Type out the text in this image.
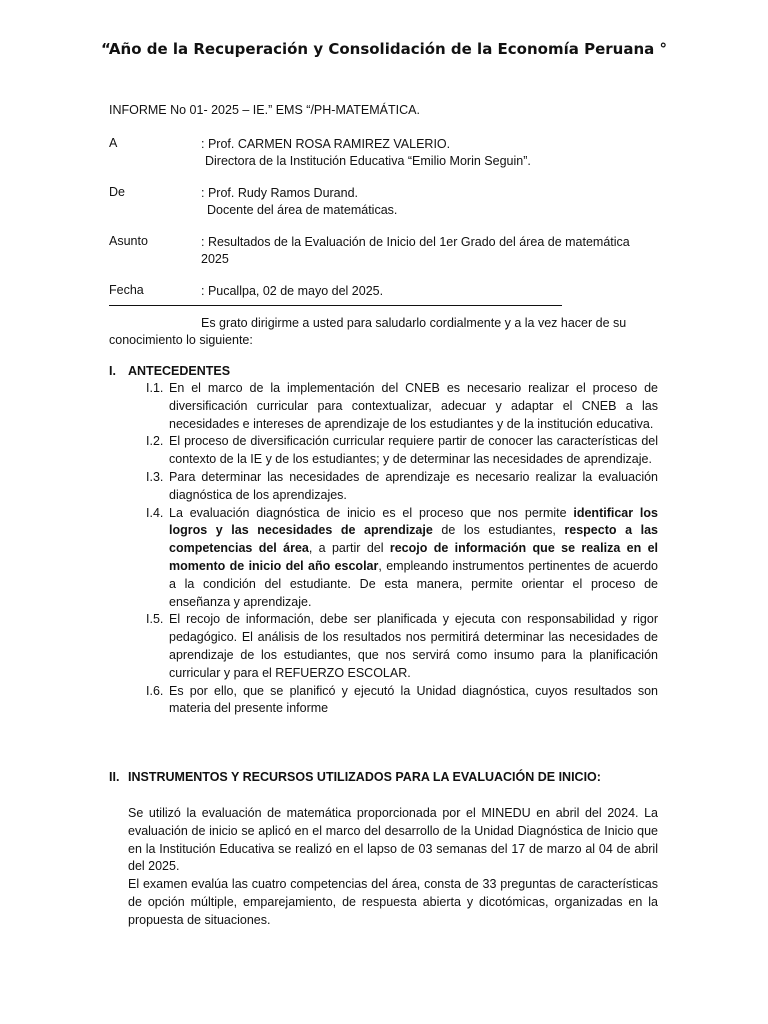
“Año de la Recuperación y Consolidación de la Economía Peruana °
INFORME No 01- 2025 – IE.” EMS “/PH-MATEMÁTICA.
A	: Prof. CARMEN ROSA RAMIREZ VALERIO.
Directora de la Institución Educativa “Emilio Morin Seguin”.
De	: Prof. Rudy Ramos Durand.
Docente del área de matemáticas.
Asunto	: Resultados de la Evaluación de Inicio del 1er Grado del área de matemática 2025
Fecha	: Pucallpa, 02 de mayo del 2025.
Es grato dirigirme a usted para saludarlo cordialmente y a la vez hacer de su
conocimiento lo siguiente:
I. ANTECEDENTES
I.1. En el marco de la implementación del CNEB es necesario realizar el proceso de diversificación curricular para contextualizar, adecuar y adaptar el CNEB a las necesidades e intereses de aprendizaje de los estudiantes y de la institución educativa.
I.2. El proceso de diversificación curricular requiere partir de conocer las características del contexto de la IE y de los estudiantes; y de determinar las necesidades de aprendizaje.
I.3. Para determinar las necesidades de aprendizaje es necesario realizar la evaluación diagnóstica de los aprendizajes.
I.4. La evaluación diagnóstica de inicio es el proceso que nos permite identificar los logros y las necesidades de aprendizaje de los estudiantes, respecto a las competencias del área, a partir del recojo de información que se realiza en el momento de inicio del año escolar, empleando instrumentos pertinentes de acuerdo a la condición del estudiante. De esta manera, permite orientar el proceso de enseñanza y aprendizaje.
I.5. El recojo de información, debe ser planificada y ejecuta con responsabilidad y rigor pedagógico. El análisis de los resultados nos permitirá determinar las necesidades de aprendizaje de los estudiantes, que nos servirá como insumo para la planificación curricular y para el REFUERZO ESCOLAR.
I.6. Es por ello, que se planificó y ejecutó la Unidad diagnóstica, cuyos resultados son materia del presente informe
II. INSTRUMENTOS Y RECURSOS UTILIZADOS PARA LA EVALUACIÓN DE INICIO:
Se utilizó la evaluación de matemática proporcionada por el MINEDU en abril del 2024. La evaluación de inicio se aplicó en el marco del desarrollo de la Unidad Diagnóstica de Inicio que en la Institución Educativa se realizó en el lapso de 03 semanas del 17 de marzo al 04 de abril del 2025.
El examen evalúa las cuatro competencias del área, consta de 33 preguntas de características de opción múltiple, emparejamiento, de respuesta abierta y dicotómicas, organizadas en la propuesta de situaciones.
